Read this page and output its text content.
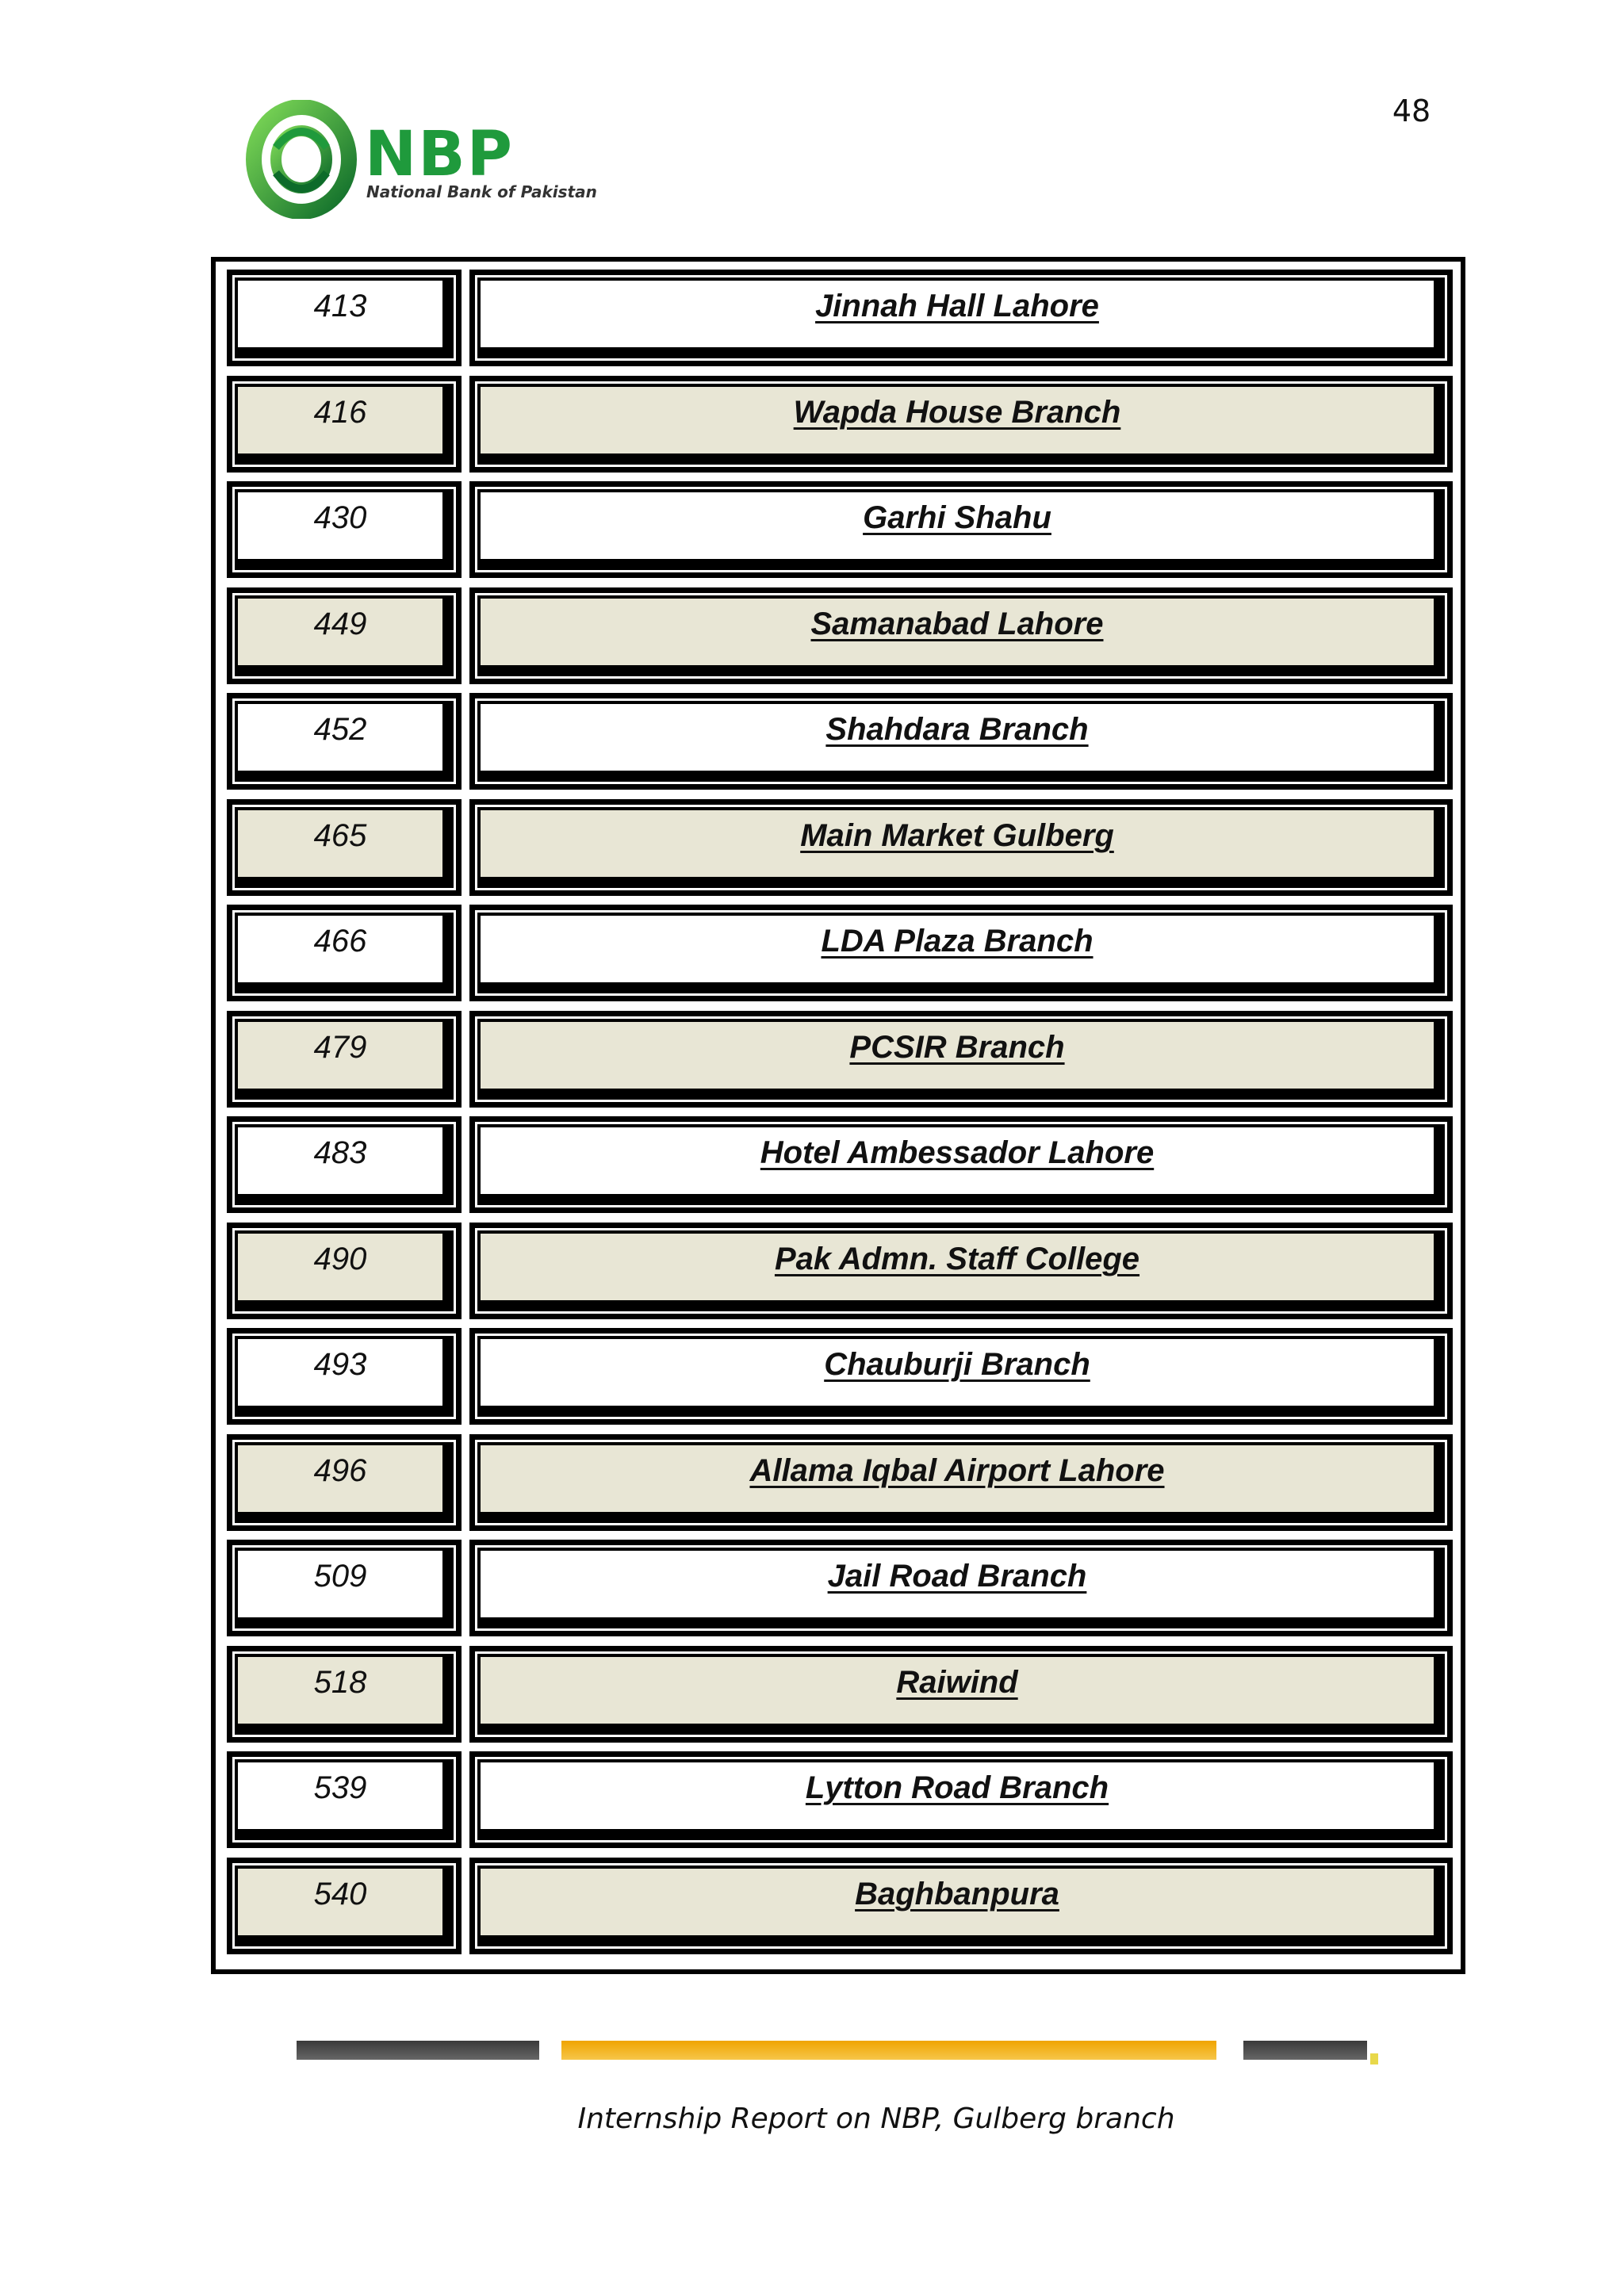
48
NBP
National Bank of Pakistan
413	Jinnah Hall Lahore
416	Wapda House Branch
430	Garhi Shahu
449	Samanabad Lahore
452	Shahdara Branch
465	Main Market Gulberg
466	LDA Plaza Branch
479	PCSIR Branch
483	Hotel Ambessador Lahore
490	Pak Admn. Staff College
493	Chauburji Branch
496	Allama Iqbal Airport Lahore
509	Jail Road Branch
518	Raiwind
539	Lytton Road Branch
540	Baghbanpura
Internship Report on NBP, Gulberg branch
